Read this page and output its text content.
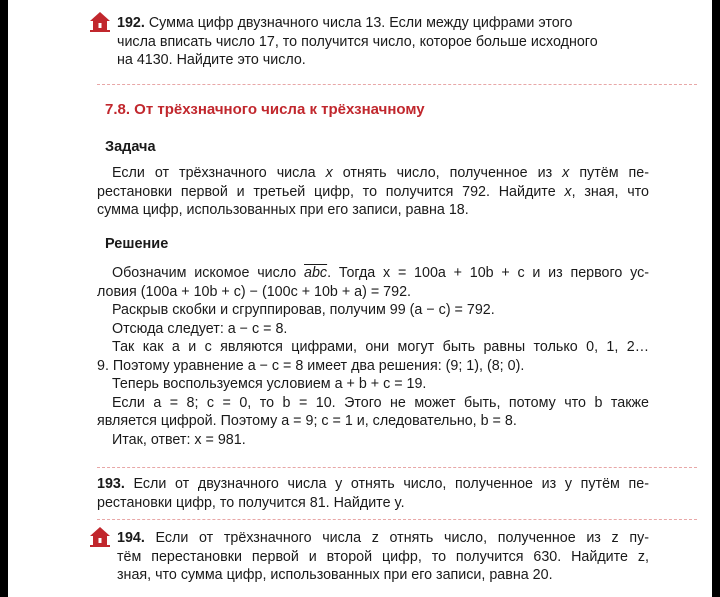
192. Сумма цифр двузначного числа 13. Если между цифрами этого
числа вписать число 17, то получится число, которое больше исходного
на 4130. Найдите это число.
7.8. От трёхзначного числа к трёхзначному
Задача
Если от трёхзначного числа x отнять число, полученное из x путём пе-
рестановки первой и третьей цифр, то получится 792. Найдите x, зная, что
сумма цифр, использованных при его записи, равна 18.
Решение
Обозначим искомое число $\overline{abc}$. Тогда x = 100a + 10b + c и из первого ус-
ловия (100a + 10b + c) − (100c + 10b + a) = 792.
Раскрыв скобки и сгруппировав, получим 99 (a − c) = 792.
Отсюда следует: a − c = 8.
Так как a и c являются цифрами, они могут быть равны только 0, 1, 2…
9. Поэтому уравнение a − c = 8 имеет два решения: (9; 1), (8; 0).
Теперь воспользуемся условием a + b + c = 19.
Если a = 8; c = 0, то b = 10. Этого не может быть, потому что b также
является цифрой. Поэтому a = 9; c = 1 и, следовательно, b = 8.
Итак, ответ: x = 981.
193. Если от двузначного числа y отнять число, полученное из y путём пе-
рестановки цифр, то получится 81. Найдите y.
194. Если от трёхзначного числа z отнять число, полученное из z пу-
тём перестановки первой и второй цифр, то получится 630. Найдите z,
зная, что сумма цифр, использованных при его записи, равна 20.
